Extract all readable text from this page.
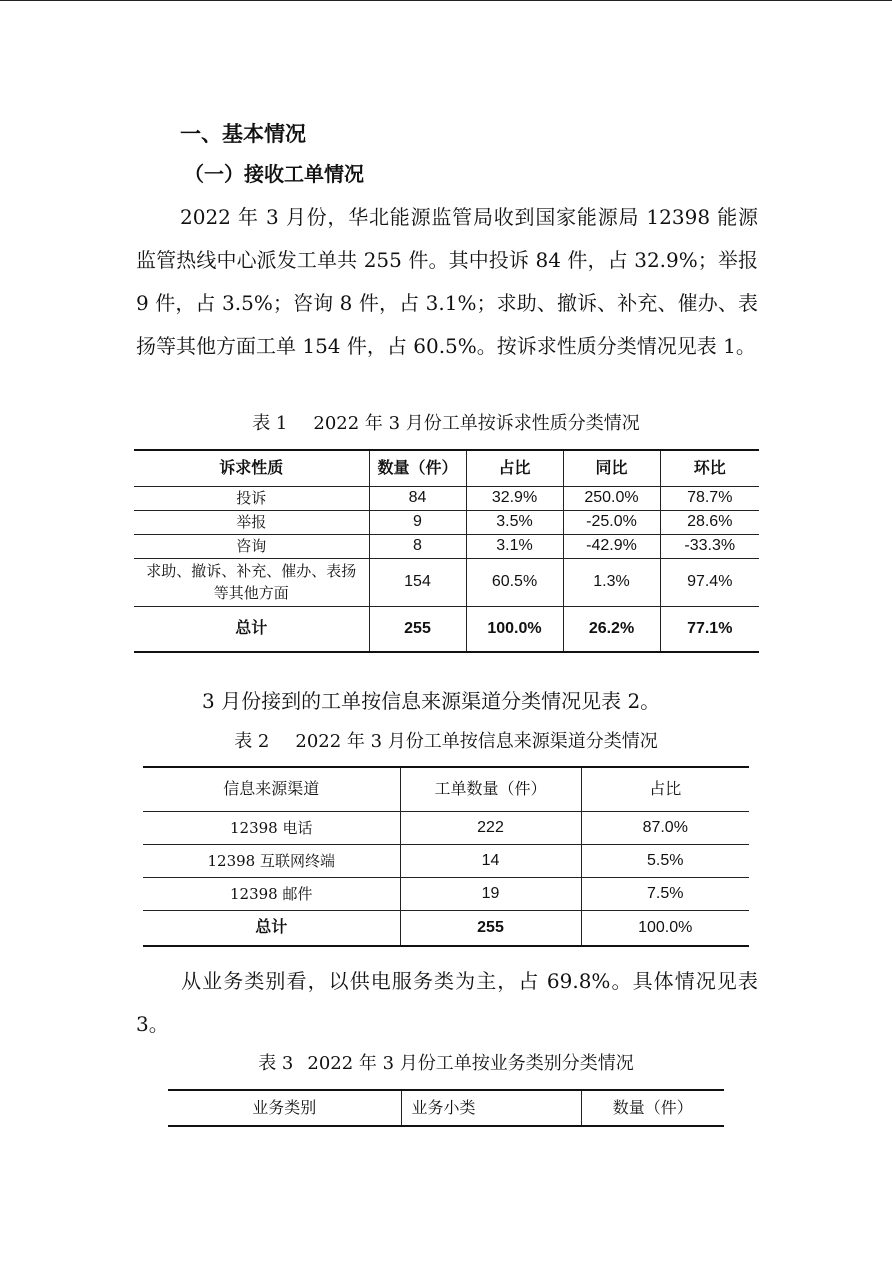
一、基本情况
（一）接收工单情况

2022 年 3 月份，华北能源监管局收到国家能源局 12398 能源监管热线中心派发工单共 255 件。其中投诉 84 件，占 32.9%；举报 9 件，占 3.5%；咨询 8 件，占 3.1%；求助、撤诉、补充、催办、表扬等其他方面工单 154 件，占 60.5%。按诉求性质分类情况见表 1。

表 1 2022 年 3 月份工单按诉求性质分类情况

诉求性质	数量（件）	占比	同比	环比
投诉	84	32.9%	250.0%	78.7%
举报	9	3.5%	-25.0%	28.6%
咨询	8	3.1%	-42.9%	-33.3%
求助、撤诉、补充、催办、表扬等其他方面	154	60.5%	1.3%	97.4%
总计	255	100.0%	26.2%	77.1%

3 月份接到的工单按信息来源渠道分类情况见表 2。

表 2 2022 年 3 月份工单按信息来源渠道分类情况

信息来源渠道	工单数量（件）	占比
12398 电话	222	87.0%
12398 互联网终端	14	5.5%
12398 邮件	19	7.5%
总计	255	100.0%

从业务类别看，以供电服务类为主，占 69.8%。具体情况见表 3。

表 3 2022 年 3 月份工单按业务类别分类情况

业务类别	业务小类	数量（件）
